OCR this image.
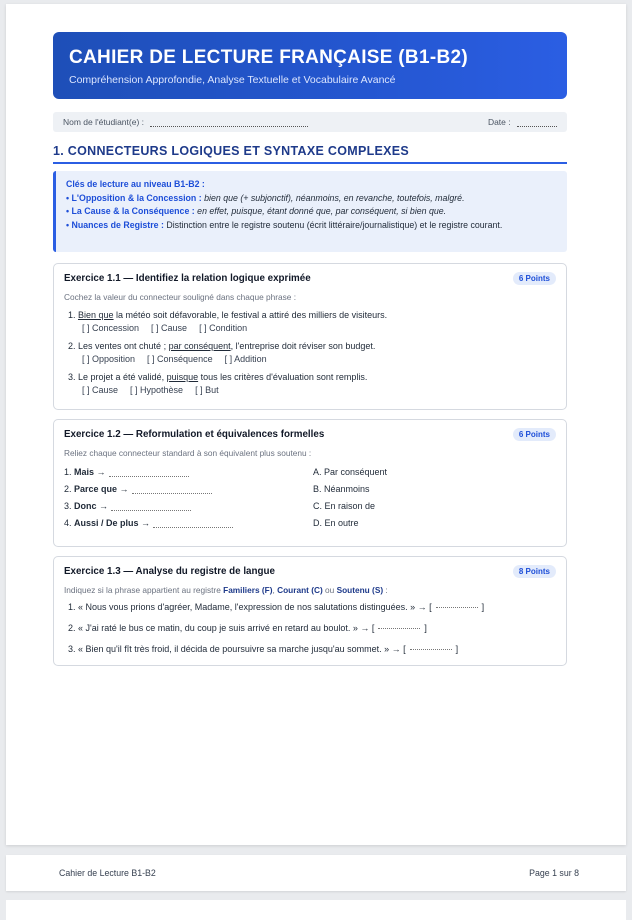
CAHIER DE LECTURE FRANÇAISE (B1-B2)

Compréhension Approfondie, Analyse Textuelle et Vocabulaire Avancé

Nom de l'étudiant(e) :	Date :
1. CONNECTEURS LOGIQUES ET SYNTAXE COMPLEXES
Clés de lecture au niveau B1-B2 :
• L'Opposition & la Concession : bien que (+ subjonctif), néanmoins, en revanche, toutefois, malgré.
• La Cause & la Conséquence : en effet, puisque, étant donné que, par conséquent, si bien que.
• Nuances de Registre : Distinction entre le registre soutenu (écrit littéraire/journalistique) et le registre courant.
Exercice 1.1 — Identifiez la relation logique exprimée	6 Points
Cochez la valeur du connecteur souligné dans chaque phrase :
1. Bien que la météo soit défavorable, le festival a attiré des milliers de visiteurs.
[ ] Concession [ ] Cause [ ] Condition
2. Les ventes ont chuté ; par conséquent, l'entreprise doit réviser son budget.
[ ] Opposition [ ] Conséquence [ ] Addition
3. Le projet a été validé, puisque tous les critères d'évaluation sont remplis.
[ ] Cause [ ] Hypothèse [ ] But
Exercice 1.2 — Reformulation et équivalences formelles	6 Points
Reliez chaque connecteur standard à son équivalent plus soutenu :
1. Mais →	A. Par conséquent
2. Parce que →	B. Néanmoins
3. Donc →	C. En raison de
4. Aussi / De plus →	D. En outre
Exercice 1.3 — Analyse du registre de langue	8 Points
Indiquez si la phrase appartient au registre Familiers (F), Courant (C) ou Soutenu (S) :
1. « Nous vous prions d'agréer, Madame, l'expression de nos salutations distinguées. » → [	]
2. « J'ai raté le bus ce matin, du coup je suis arrivé en retard au boulot. » → [	]
3. « Bien qu'il fît très froid, il décida de poursuivre sa marche jusqu'au sommet. » → [	]
Cahier de Lecture B1-B2	Page 1 sur 8
